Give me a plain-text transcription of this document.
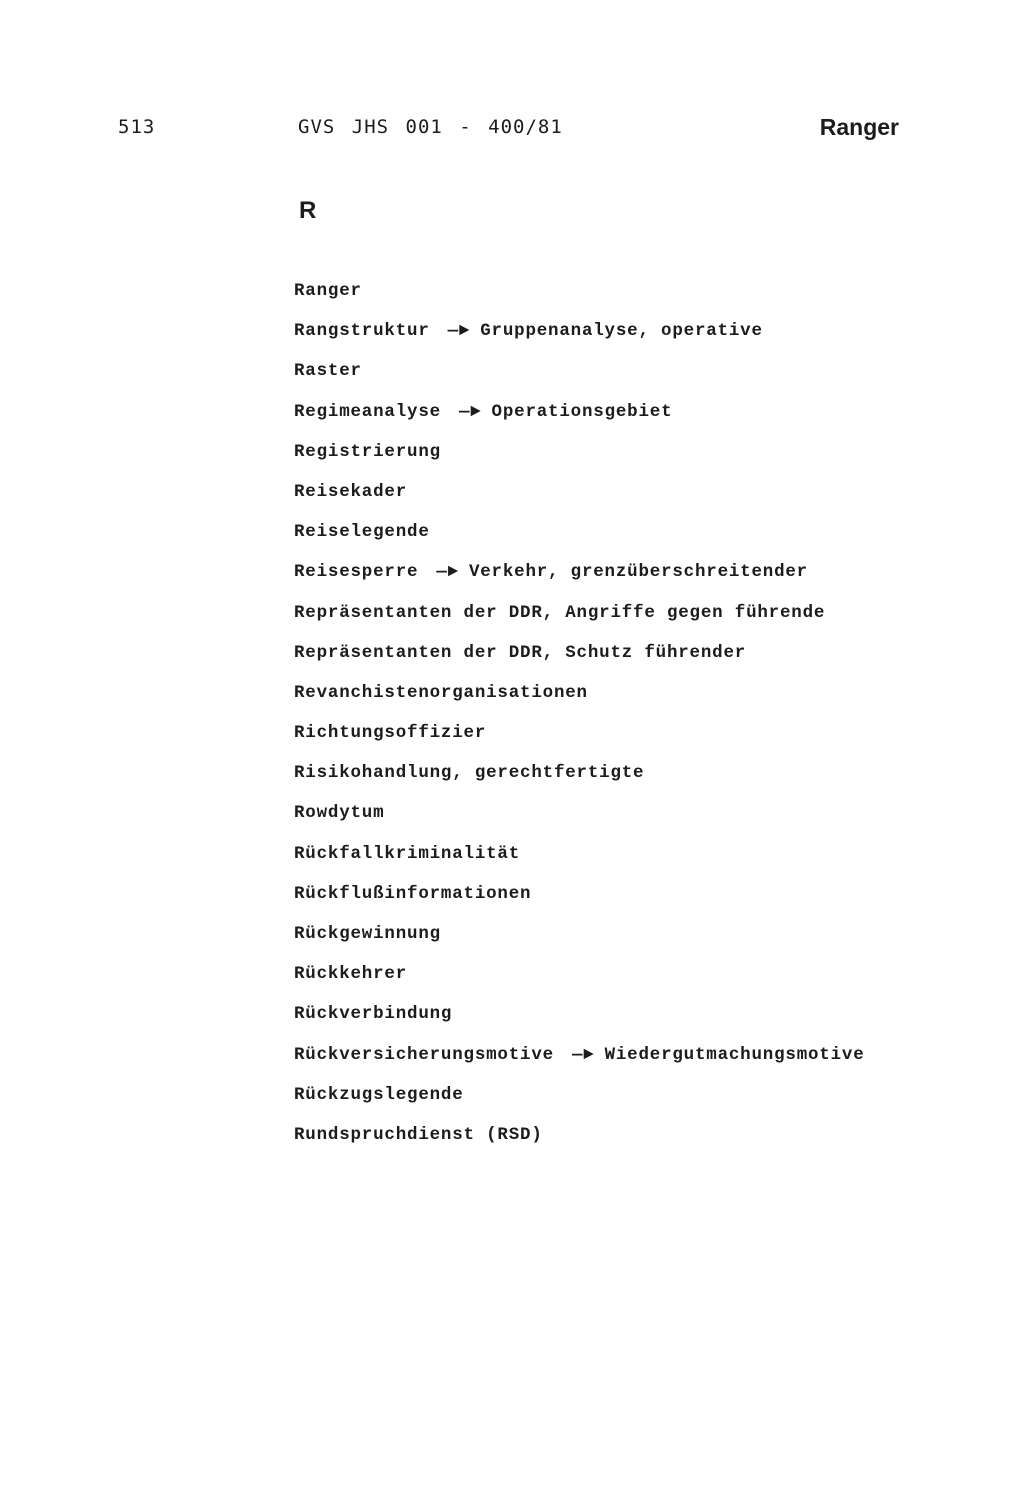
513	GVS JHS 001 - 400/81	Ranger
R
Ranger
Rangstruktur —► Gruppenanalyse, operative
Raster
Regimeanalyse —► Operationsgebiet
Registrierung
Reisekader
Reiselegende
Reisesperre —► Verkehr, grenzüberschreitender
Repräsentanten der DDR, Angriffe gegen führende
Repräsentanten der DDR, Schutz führender
Revanchistenorganisationen
Richtungsoffizier
Risikohandlung, gerechtfertigte
Rowdytum
Rückfallkriminalität
Rückflußinformationen
Rückgewinnung
Rückkehrer
Rückverbindung
Rückversicherungsmotive —► Wiedergutmachungsmotive
Rückzugslegende
Rundspruchdienst (RSD)
